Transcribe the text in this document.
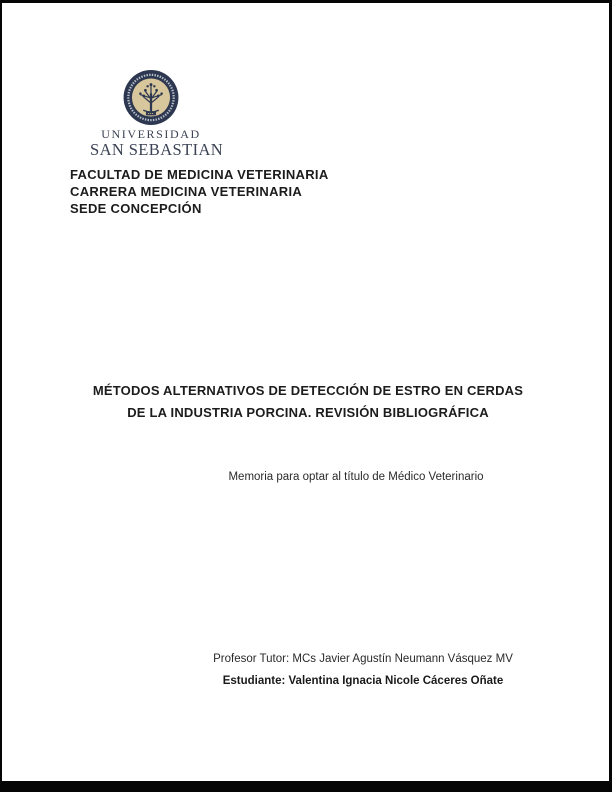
UNIVERSIDAD
SAN SEBASTIAN
FACULTAD DE MEDICINA VETERINARIA
CARRERA MEDICINA VETERINARIA
SEDE CONCEPCIÓN
MÉTODOS ALTERNATIVOS DE DETECCIÓN DE ESTRO EN CERDAS
DE LA INDUSTRIA PORCINA. REVISIÓN BIBLIOGRÁFICA
Memoria para optar al título de Médico Veterinario
Profesor Tutor: MCs Javier Agustín Neumann Vásquez MV
Estudiante: Valentina Ignacia Nicole Cáceres Oñate
